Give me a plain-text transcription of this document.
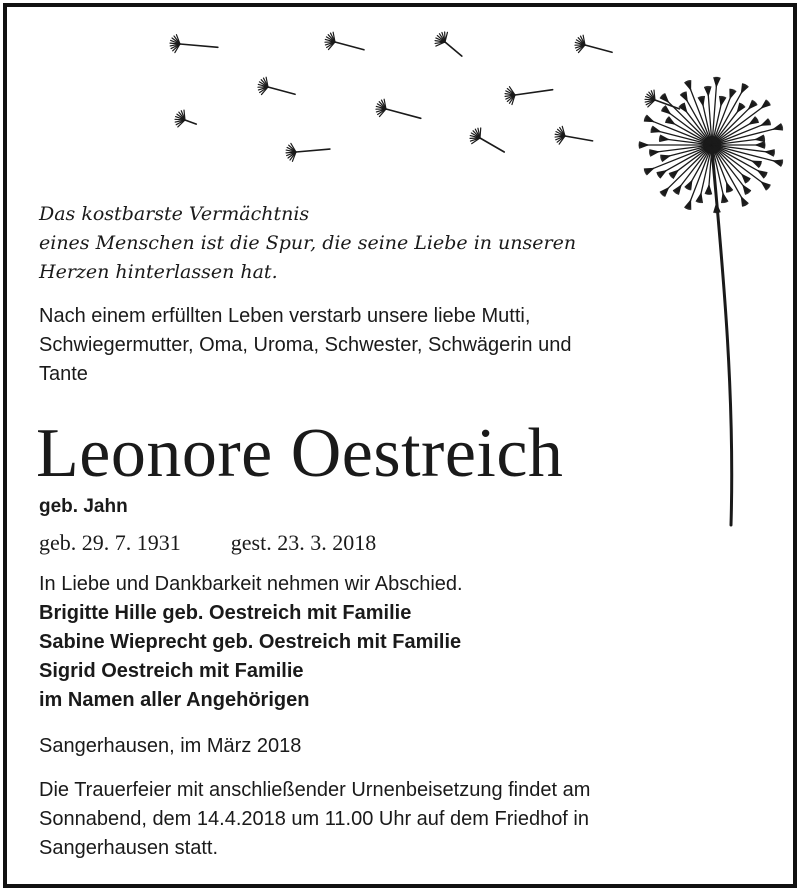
Das kostbarste Vermächtnis
eines Menschen ist die Spur, die seine Liebe in unseren
Herzen hinterlassen hat.
Nach einem erfüllten Leben verstarb unsere liebe Mutti,
Schwiegermutter, Oma, Uroma, Schwester, Schwägerin und
Tante
Leonore Oestreich
geb. Jahn
geb. 29. 7. 1931 gest. 23. 3. 2018
In Liebe und Dankbarkeit nehmen wir Abschied.
Brigitte Hille geb. Oestreich mit Familie
Sabine Wieprecht geb. Oestreich mit Familie
Sigrid Oestreich mit Familie
im Namen aller Angehörigen
Sangerhausen, im März 2018
Die Trauerfeier mit anschließender Urnenbeisetzung findet am
Sonnabend, dem 14.4.2018 um 11.00 Uhr auf dem Friedhof in
Sangerhausen statt.
